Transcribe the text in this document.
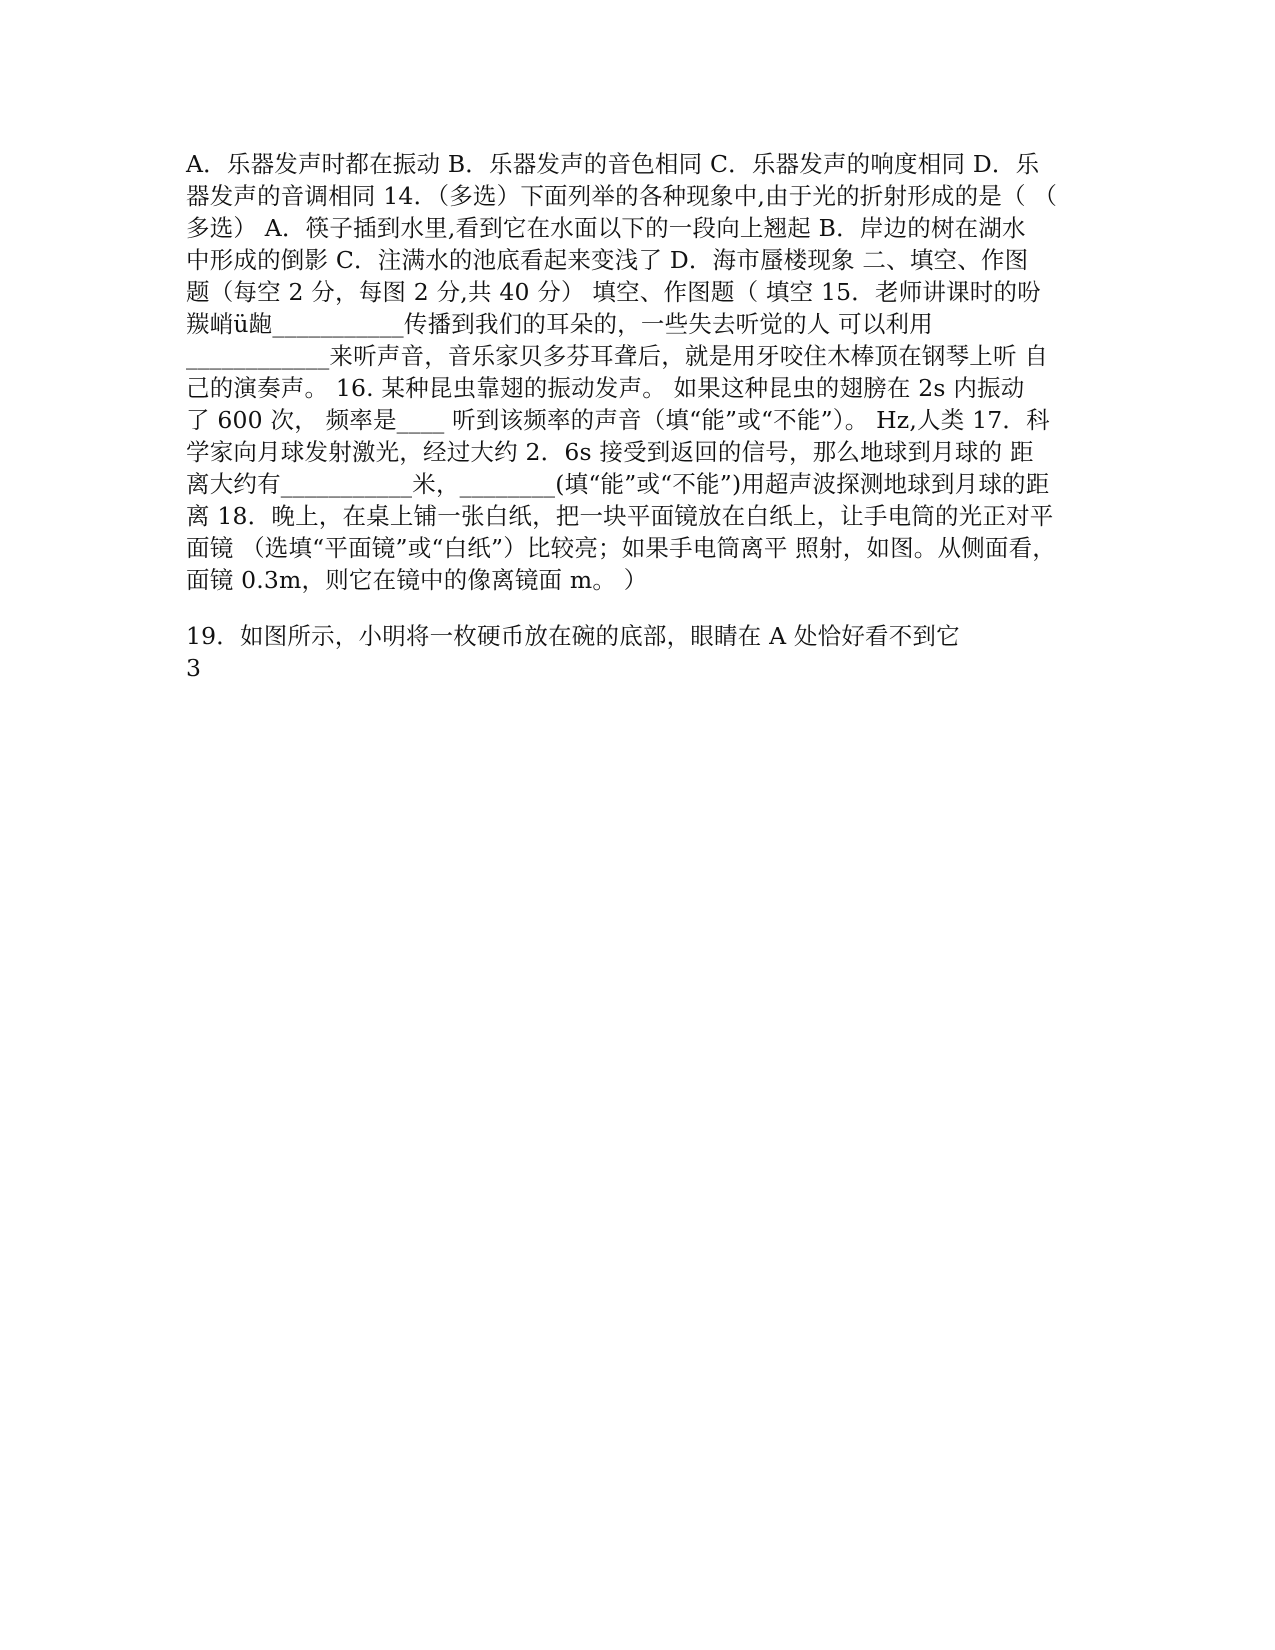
A．乐器发声时都在振动 B．乐器发声的音色相同 C．乐器发声的响度相同 D．乐
器发声的音调相同 14．（多选）下面列举的各种现象中,由于光的折射形成的是（ （
多选） A．筷子插到水里,看到它在水面以下的一段向上翘起 B．岸边的树在湖水
中形成的倒影 C．注满水的池底看起来变浅了 D．海市蜃楼现象 二、填空、作图
题（每空 2 分，每图 2 分,共 40 分） 填空、作图题（ 填空 15．老师讲课时的吩
羰峭ü龅___________传播到我们的耳朵的，一些失去听觉的人 可以利用
____________来听声音，音乐家贝多芬耳聋后，就是用牙咬住木棒顶在钢琴上听 自
己的演奏声。 16. 某种昆虫靠翅的振动发声。 如果这种昆虫的翅膀在 2s 内振动
了 600 次， 频率是____ 听到该频率的声音（填“能”或“不能”）。 Hz,人类 17．科
学家向月球发射激光，经过大约 2．6s 接受到返回的信号，那么地球到月球的 距
离大约有___________米，________(填“能”或“不能”)用超声波探测地球到月球的距
离 18．晚上，在桌上铺一张白纸，把一块平面镜放在白纸上，让手电筒的光正对平
面镜 （选填“平面镜”或“白纸”）比较亮；如果手电筒离平 照射，如图。从侧面看，
面镜 0.3m，则它在镜中的像离镜面 m。 ）
19．如图所示，小明将一枚硬币放在碗的底部，眼睛在 A 处恰好看不到它
3
